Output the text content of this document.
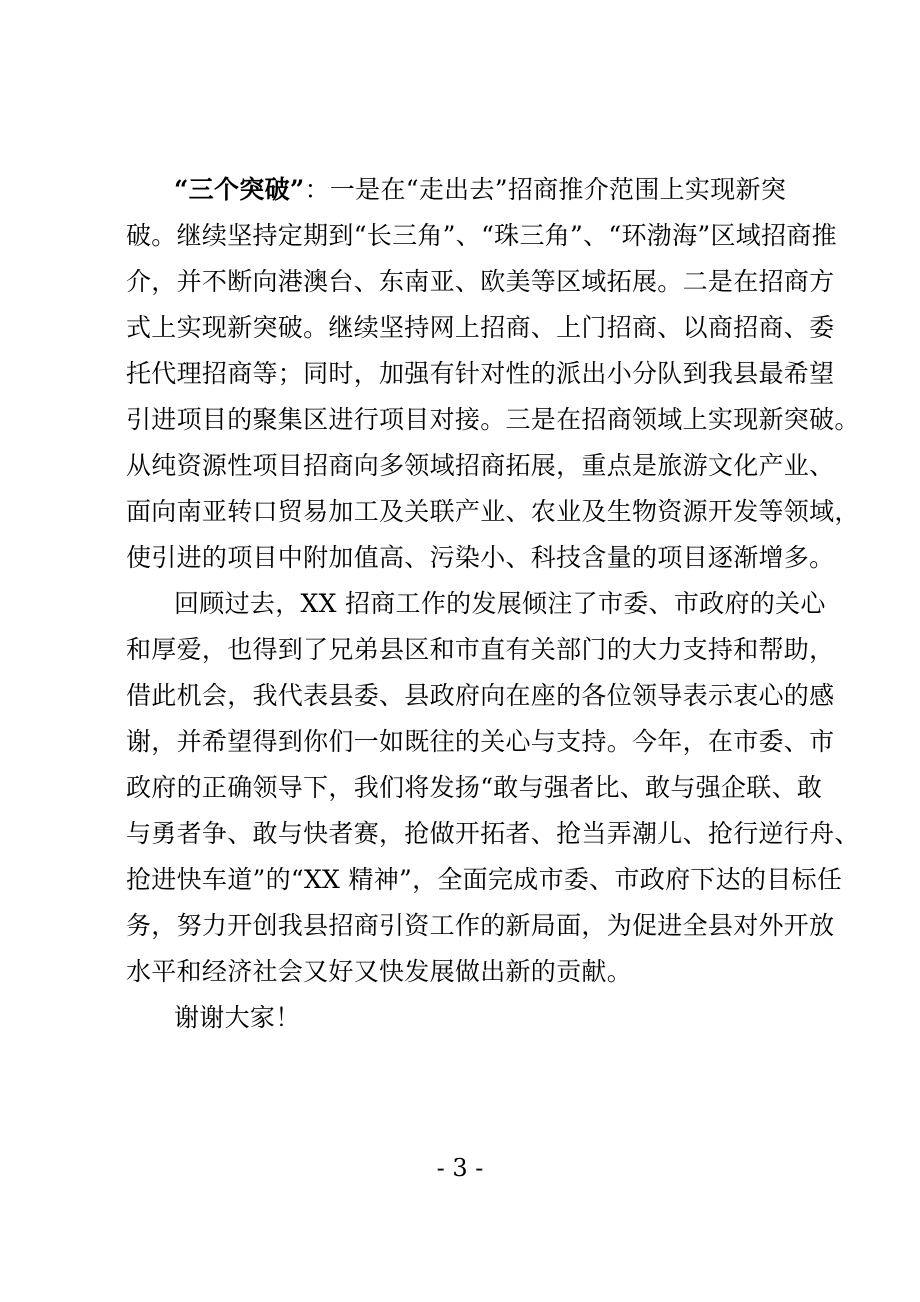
“三个突破”：一是在“走出去”招商推介范围上实现新突
破。继续坚持定期到“长三角”、“珠三角”、“环渤海”区域招商推
介，并不断向港澳台、东南亚、欧美等区域拓展。二是在招商方
式上实现新突破。继续坚持网上招商、上门招商、以商招商、委
托代理招商等；同时，加强有针对性的派出小分队到我县最希望
引进项目的聚集区进行项目对接。三是在招商领域上实现新突破。
从纯资源性项目招商向多领域招商拓展，重点是旅游文化产业、
面向南亚转口贸易加工及关联产业、农业及生物资源开发等领域，
使引进的项目中附加值高、污染小、科技含量的项目逐渐增多。
回顾过去，XX 招商工作的发展倾注了市委、市政府的关心
和厚爱，也得到了兄弟县区和市直有关部门的大力支持和帮助，
借此机会，我代表县委、县政府向在座的各位领导表示衷心的感
谢，并希望得到你们一如既往的关心与支持。今年，在市委、市
政府的正确领导下，我们将发扬“敢与强者比、敢与强企联、敢
与勇者争、敢与快者赛，抢做开拓者、抢当弄潮儿、抢行逆行舟、
抢进快车道”的“XX 精神”，全面完成市委、市政府下达的目标任
务，努力开创我县招商引资工作的新局面，为促进全县对外开放
水平和经济社会又好又快发展做出新的贡献。
谢谢大家！
- 3 -
